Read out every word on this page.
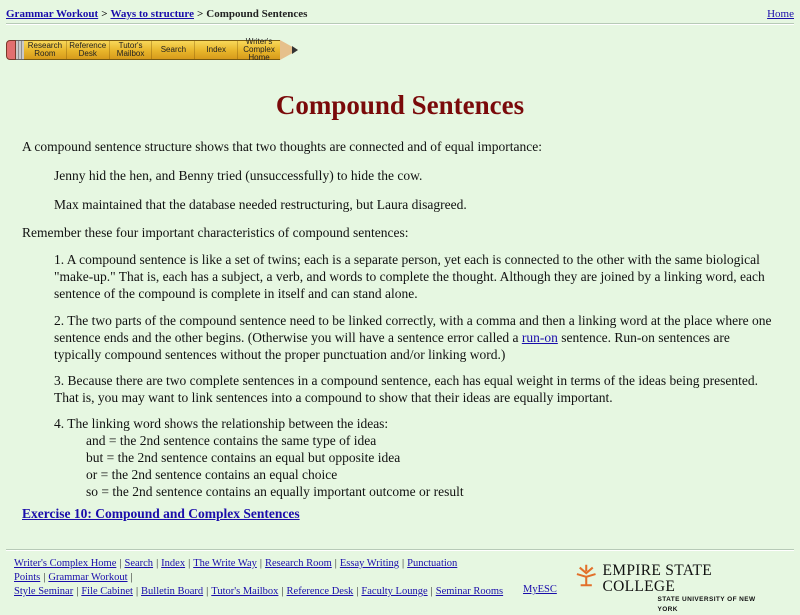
Grammar Workout > Ways to structure > Compound Sentences	Home
Research
Room
Reference
Desk
Tutor's
Mailbox	Search	Index
Writer's Complex
Home
Compound Sentences

A compound sentence structure shows that two thoughts are connected and of equal importance:

Jenny hid the hen, and Benny tried (unsuccessfully) to hide the cow.

Max maintained that the database needed restructuring, but Laura disagreed.

Remember these four important characteristics of compound sentences:

1. A compound sentence is like a set of twins; each is a separate person, yet each is connected to the other with the same biological "make-up." That is, each has a subject, a verb, and words to complete the thought. Although they are joined by a linking word, each sentence of the compound is complete in itself and can stand alone.

2. The two parts of the compound sentence need to be linked correctly, with a comma and then a linking word at the place where one sentence ends and the other begins. (Otherwise you will have a sentence error called a run-on sentence. Run-on sentences are typically compound sentences without the proper punctuation and/or linking word.)

3. Because there are two complete sentences in a compound sentence, each has equal weight in terms of the ideas being presented. That is, you may want to link sentences into a compound to show that their ideas are equally important.

4. The linking word shows the relationship between the ideas:
and = the 2nd sentence contains the same type of idea
but = the 2nd sentence contains an equal but opposite idea
or = the 2nd sentence contains an equal choice
so = the 2nd sentence contains an equally important outcome or result
Exercise 10: Compound and Complex Sentences
Writer's Complex Home | Search | Index | The Write Way | Research Room | Essay Writing | Punctuation Points | Grammar Workout |
Style Seminar | File Cabinet | Bulletin Board | Tutor's Mailbox | Reference Desk | Faculty Lounge | Seminar Rooms	MyESC
EMPIRE STATE COLLEGE
STATE UNIVERSITY OF NEW YORK
